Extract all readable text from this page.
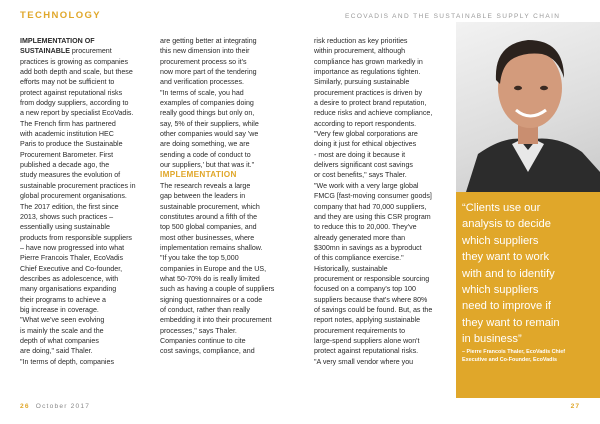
TECHNOLOGY	ECOVADIS AND THE SUSTAINABLE SUPPLY CHAIN

IMPLEMENTATION OF

SUSTAINABLE procurement

practices is growing as companies

add both depth and scale, but these

efforts may not be sufficient to

protect against reputational risks

from dodgy suppliers, according to

a new report by specialist EcoVadis.

The French firm has partnered

with academic institution HEC

Paris to produce the Sustainable

Procurement Barometer. First

published a decade ago, the

study measures the evolution of

sustainable procurement practices in

global procurement organisations.

The 2017 edition, the first since

2013, shows such practices –

essentially using sustainable

products from responsible suppliers

– have now progressed into what

Pierre Francois Thaler, EcoVadis

Chief Executive and Co-founder,

describes as adolescence, with

many organisations expanding

their programs to achieve a

big increase in coverage.

"What we've seen evolving

is mainly the scale and the

depth of what companies

are doing," said Thaler.

"In terms of depth, companies

are getting better at integrating

this new dimension into their

procurement process so it's

now more part of the tendering

and verification processes.

"In terms of scale, you had

examples of companies doing

really good things but only on,

say, 5% of their suppliers, while

other companies would say 'we

are doing something, we are

sending a code of conduct to

our suppliers,' but that was it."

IMPLEMENTATION

The research reveals a large

gap between the leaders in

sustainable procurement, which

constitutes around a fifth of the

top 500 global companies, and

most other businesses, where

implementation remains shallow.

"If you take the top 5,000

companies in Europe and the US,

what 50-70% do is really limited

such as having a couple of suppliers

signing questionnaires or a code

of conduct, rather than really

embedding it into their procurement

processes," says Thaler.

Companies continue to cite

cost savings, compliance, and

risk reduction as key priorities

within procurement, although

compliance has grown markedly in

importance as regulations tighten.

Similarly, pursuing sustainable

procurement practices is driven by

a desire to protect brand reputation,

reduce risks and achieve compliance,

according to report respondents.

"Very few global corporations are

doing it just for ethical objectives

- most are doing it because it

delivers significant cost savings

or cost benefits," says Thaler.

"We work with a very large global

FMCG [fast-moving consumer goods]

company that had 70,000 suppliers,

and they are using this CSR program

to reduce this to 20,000. They've

already generated more than

$300mn in savings as a byproduct

of this compliance exercise."

Historically, sustainable

procurement or responsible sourcing

focused on a company's top 100

suppliers because that's where 80%

of savings could be found. But, as the

report notes, applying sustainable

procurement requirements to

large-spend suppliers alone won't

protect against reputational risks.

"A very small vendor where you

“Clients use our

analysis to decide

which suppliers

they want to work

with and to identify

which suppliers

need to improve if

they want to remain

in business”

– Pierre Francois Thaler, EcoVadis Chief

Executive and Co-Founder, EcoVadis

26 October 2017	27
